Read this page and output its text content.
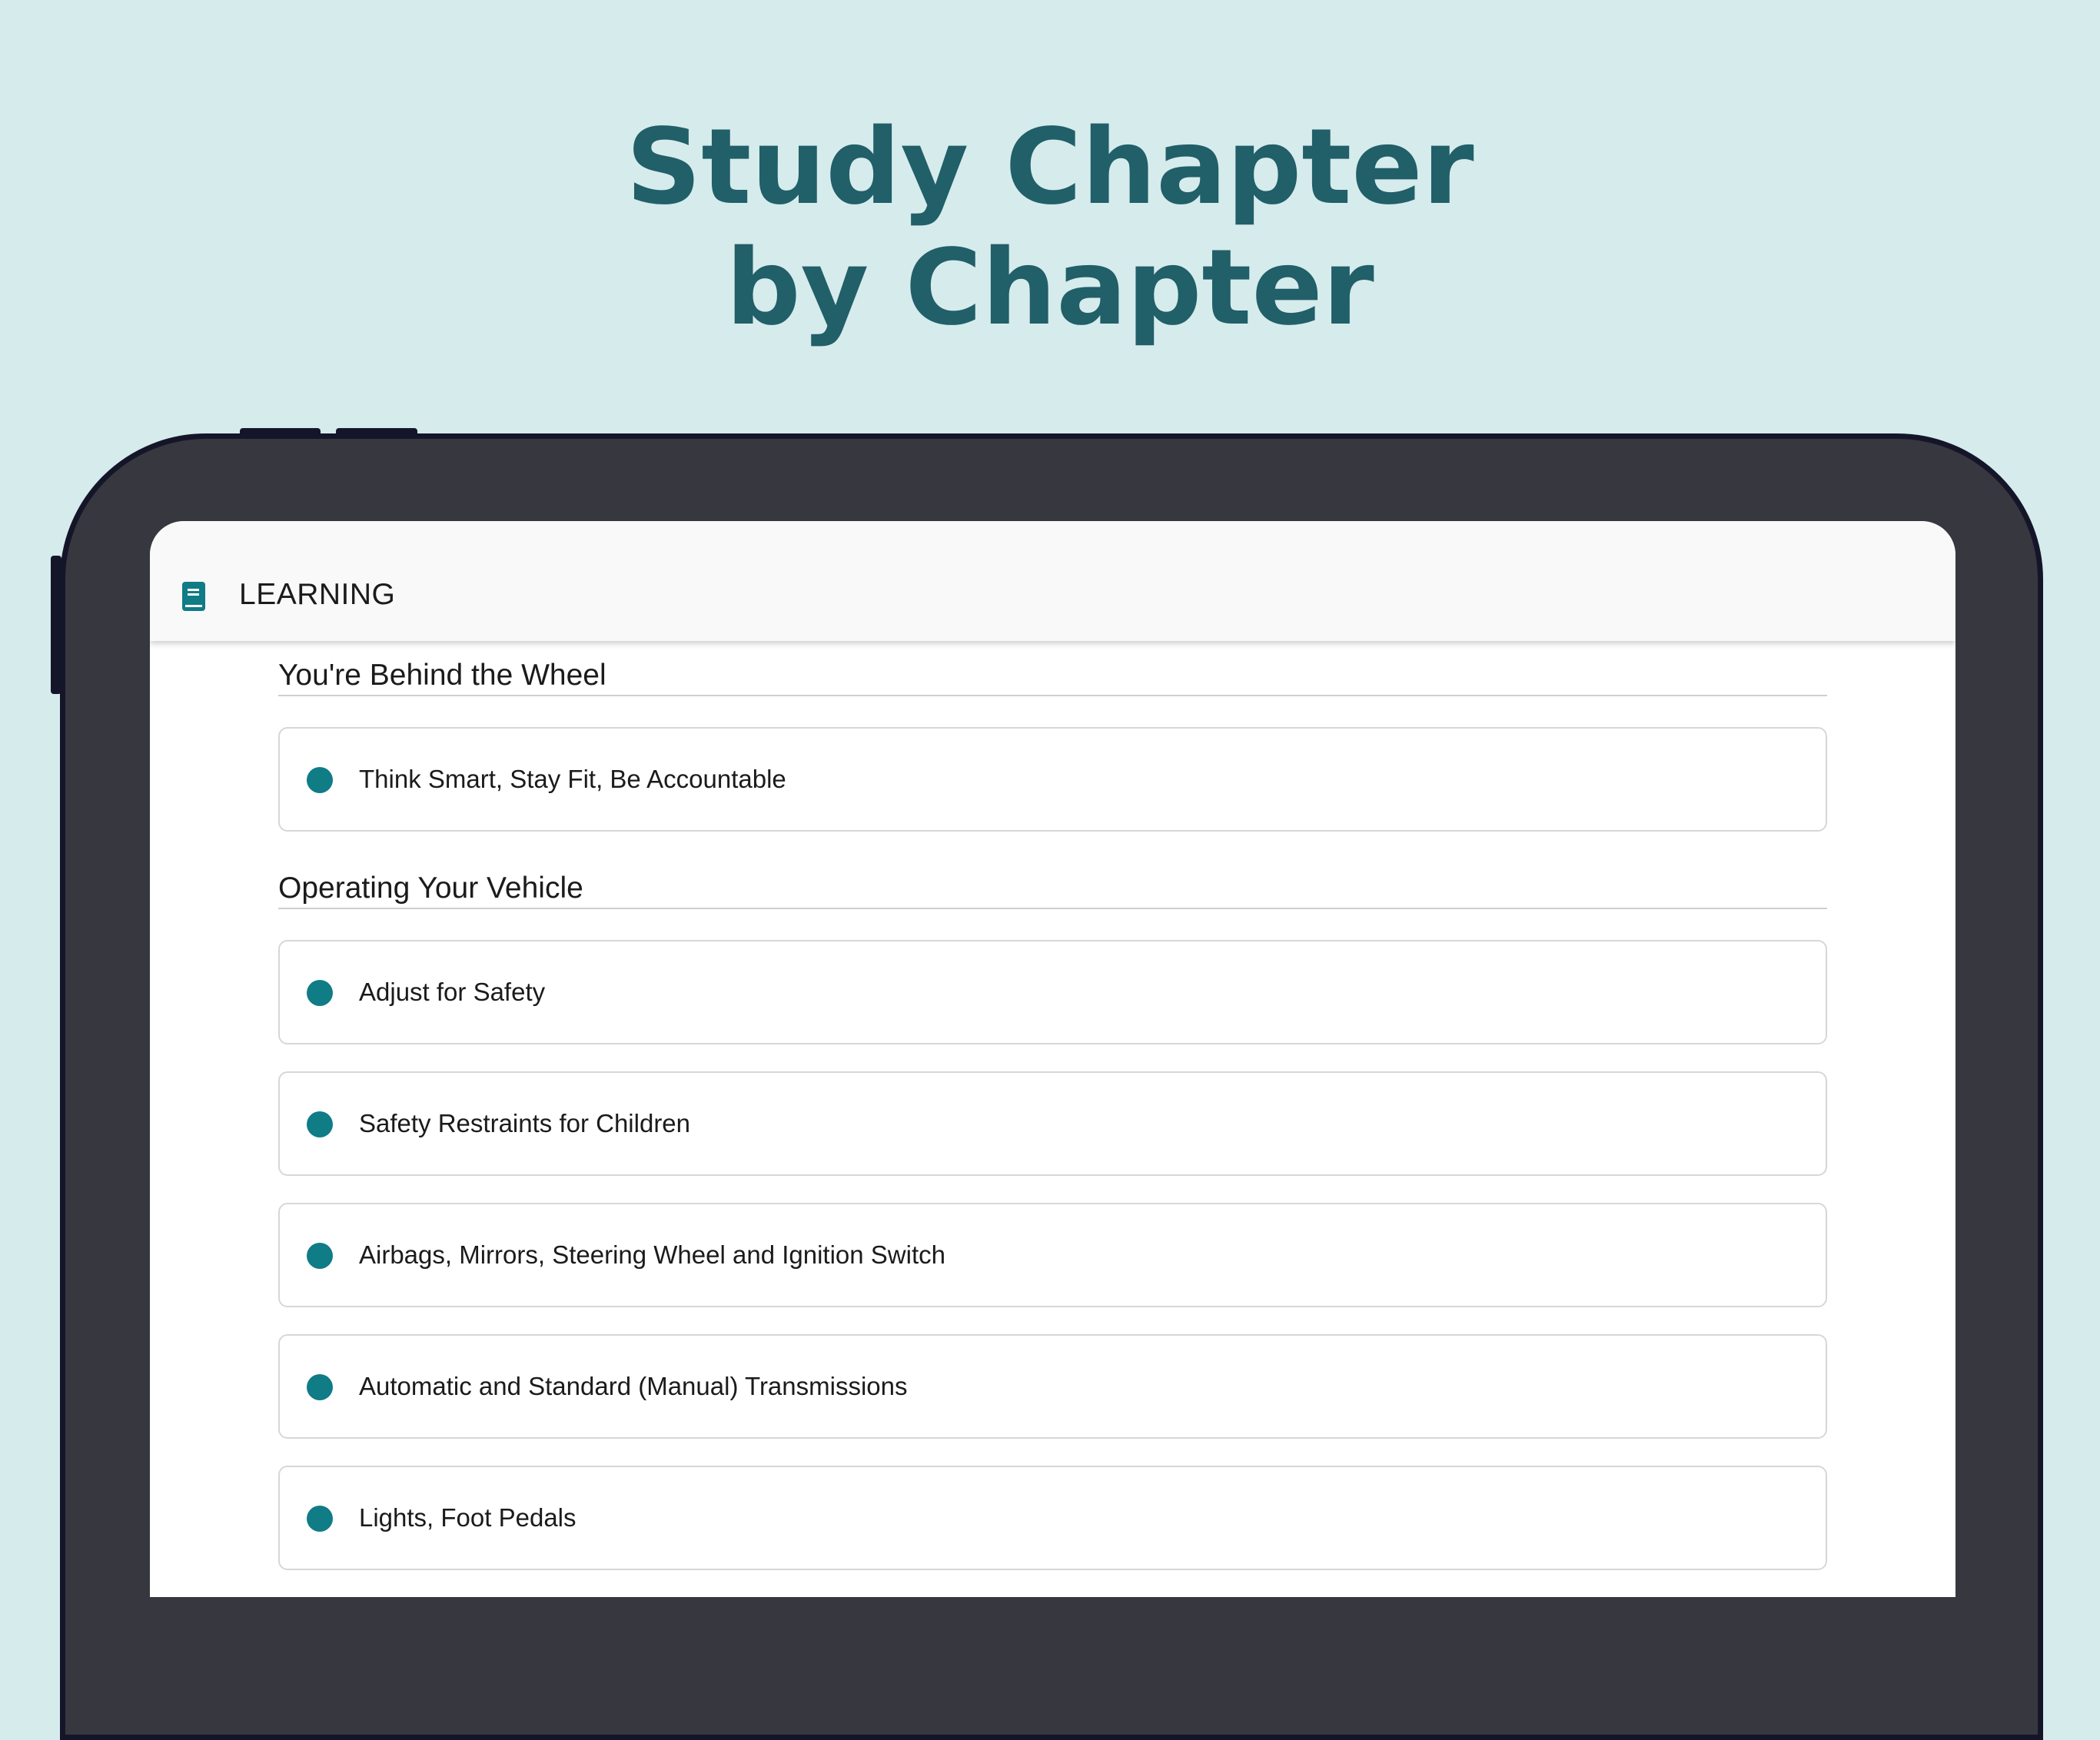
Study Chapter
by Chapter
LEARNING
You're Behind the Wheel
Think Smart, Stay Fit, Be Accountable
Operating Your Vehicle
Adjust for Safety
Safety Restraints for Children
Airbags, Mirrors, Steering Wheel and Ignition Switch
Automatic and Standard (Manual) Transmissions
Lights, Foot Pedals
